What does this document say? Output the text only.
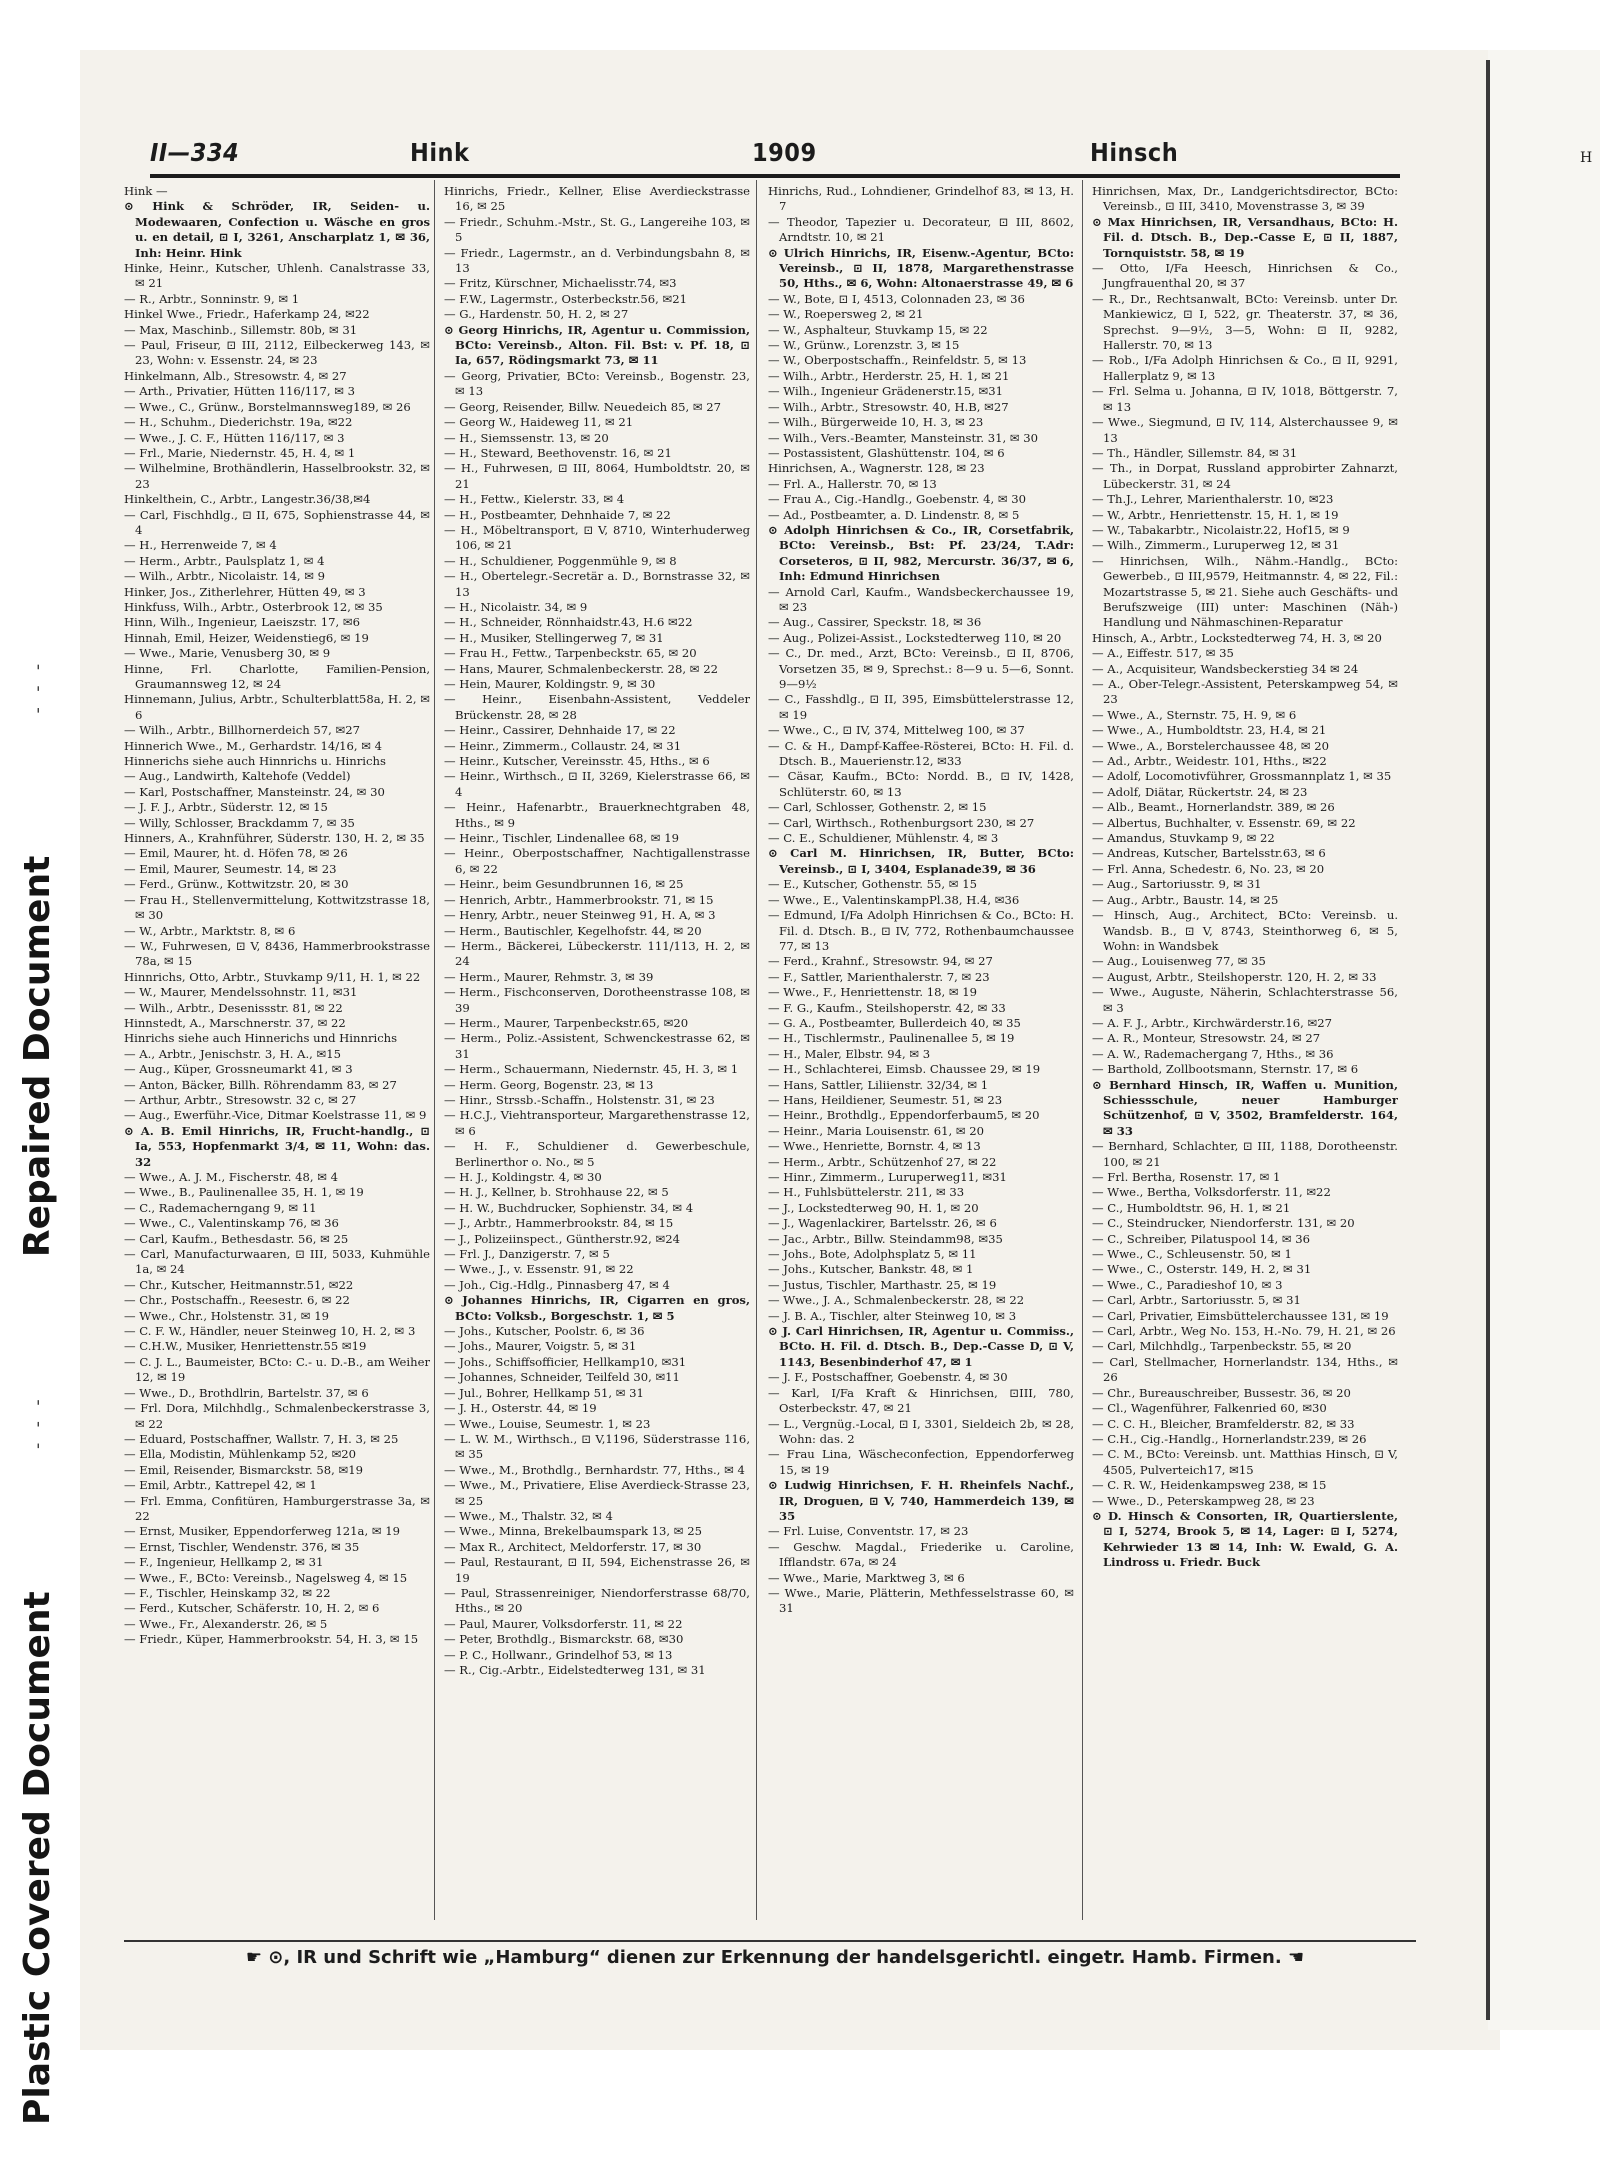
H
Plastic Covered Document
- - -
Repaired Document
- - -
II—334	Hink	1909	Hinsch

Hink —

⊙ Hink & Schröder, IR, Seiden- u. Modewaaren, Confection u. Wäsche en gros u. en detail, ⊡ I, 3261, Anscharplatz 1, ✉ 36, Inh: Heinr. Hink

Hinke, Heinr., Kutscher, Uhlenh. Canalstrasse 33, ✉ 21

— R., Arbtr., Sonninstr. 9, ✉ 1

Hinkel Wwe., Friedr., Haferkamp 24, ✉22

— Max, Maschinb., Sillemstr. 80b, ✉ 31

— Paul, Friseur, ⊡ III, 2112, Eilbeckerweg 143, ✉ 23, Wohn: v. Essenstr. 24, ✉ 23

Hinkelmann, Alb., Stresowstr. 4, ✉ 27

— Arth., Privatier, Hütten 116/117, ✉ 3

— Wwe., C., Grünw., Borstelmannsweg189, ✉ 26

— H., Schuhm., Diederichstr. 19a, ✉22

— Wwe., J. C. F., Hütten 116/117, ✉ 3

— Frl., Marie, Niedernstr. 45, H. 4, ✉ 1

— Wilhelmine, Brothändlerin, Hasselbrookstr. 32, ✉ 23

Hinkelthein, C., Arbtr., Langestr.36/38,✉4

— Carl, Fischhdlg., ⊡ II, 675, Sophienstrasse 44, ✉ 4

— H., Herrenweide 7, ✉ 4

— Herm., Arbtr., Paulsplatz 1, ✉ 4

— Wilh., Arbtr., Nicolaistr. 14, ✉ 9

Hinker, Jos., Zitherlehrer, Hütten 49, ✉ 3

Hinkfuss, Wilh., Arbtr., Osterbrook 12, ✉ 35

Hinn, Wilh., Ingenieur, Laeiszstr. 17, ✉6

Hinnah, Emil, Heizer, Weidenstieg6, ✉ 19

— Wwe., Marie, Venusberg 30, ✉ 9

Hinne, Frl. Charlotte, Familien-Pension, Graumannsweg 12, ✉ 24

Hinnemann, Julius, Arbtr., Schulterblatt58a, H. 2, ✉ 6

— Wilh., Arbtr., Billhornerdeich 57, ✉27

Hinnerich Wwe., M., Gerhardstr. 14/16, ✉ 4

Hinnerichs siehe auch Hinnrichs u. Hinrichs

— Aug., Landwirth, Kaltehofe (Veddel)

— Karl, Postschaffner, Mansteinstr. 24, ✉ 30

— J. F. J., Arbtr., Süderstr. 12, ✉ 15

— Willy, Schlosser, Brackdamm 7, ✉ 35

Hinners, A., Krahnführer, Süderstr. 130, H. 2, ✉ 35

— Emil, Maurer, ht. d. Höfen 78, ✉ 26

— Emil, Maurer, Seumestr. 14, ✉ 23

— Ferd., Grünw., Kottwitzstr. 20, ✉ 30

— Frau H., Stellenvermittelung, Kottwitzstrasse 18, ✉ 30

— W., Arbtr., Marktstr. 8, ✉ 6

— W., Fuhrwesen, ⊡ V, 8436, Hammerbrookstrasse 78a, ✉ 15

Hinnrichs, Otto, Arbtr., Stuvkamp 9/11, H. 1, ✉ 22

— W., Maurer, Mendelssohnstr. 11, ✉31

— Wilh., Arbtr., Desenissstr. 81, ✉ 22

Hinnstedt, A., Marschnerstr. 37, ✉ 22

Hinrichs siehe auch Hinnerichs und Hinnrichs

— A., Arbtr., Jenischstr. 3, H. A., ✉15

— Aug., Küper, Grossneumarkt 41, ✉ 3

— Anton, Bäcker, Billh. Röhrendamm 83, ✉ 27

— Arthur, Arbtr., Stresowstr. 32 c, ✉ 27

— Aug., Ewerführ.-Vice, Ditmar Koelstrasse 11, ✉ 9

⊙ A. B. Emil Hinrichs, IR, Frucht-handlg., ⊡ Ia, 553, Hopfenmarkt 3/4, ✉ 11, Wohn: das. 32

— Wwe., A. J. M., Fischerstr. 48, ✉ 4

— Wwe., B., Paulinenallee 35, H. 1, ✉ 19

— C., Rademacherngang 9, ✉ 11

— Wwe., C., Valentinskamp 76, ✉ 36

— Carl, Kaufm., Bethesdastr. 56, ✉ 25

— Carl, Manufacturwaaren, ⊡ III, 5033, Kuhmühle 1a, ✉ 24

— Chr., Kutscher, Heitmannstr.51, ✉22

— Chr., Postschaffn., Reesestr. 6, ✉ 22

— Wwe., Chr., Holstenstr. 31, ✉ 19

— C. F. W., Händler, neuer Steinweg 10, H. 2, ✉ 3

— C.H.W., Musiker, Henriettenstr.55 ✉19

— C. J. L., Baumeister, BCto: C.- u. D.-B., am Weiher 12, ✉ 19

— Wwe., D., Brothdlrin, Bartelstr. 37, ✉ 6

— Frl. Dora, Milchhdlg., Schmalenbeckerstrasse 3, ✉ 22

— Eduard, Postschaffner, Wallstr. 7, H. 3, ✉ 25

— Ella, Modistin, Mühlenkamp 52, ✉20

— Emil, Reisender, Bismarckstr. 58, ✉19

— Emil, Arbtr., Kattrepel 42, ✉ 1

— Frl. Emma, Confitüren, Hamburgerstrasse 3a, ✉ 22

— Ernst, Musiker, Eppendorferweg 121a, ✉ 19

— Ernst, Tischler, Wendenstr. 376, ✉ 35

— F., Ingenieur, Hellkamp 2, ✉ 31

— Wwe., F., BCto: Vereinsb., Nagelsweg 4, ✉ 15

— F., Tischler, Heinskamp 32, ✉ 22

— Ferd., Kutscher, Schäferstr. 10, H. 2, ✉ 6

— Wwe., Fr., Alexanderstr. 26, ✉ 5

— Friedr., Küper, Hammerbrookstr. 54, H. 3, ✉ 15

Hinrichs, Friedr., Kellner, Elise Averdieckstrasse 16, ✉ 25

— Friedr., Schuhm.-Mstr., St. G., Langereihe 103, ✉ 5

— Friedr., Lagermstr., an d. Verbindungsbahn 8, ✉ 13

— Fritz, Kürschner, Michaelisstr.74, ✉3

— F.W., Lagermstr., Osterbeckstr.56, ✉21

— G., Hardenstr. 50, H. 2, ✉ 27

⊙ Georg Hinrichs, IR, Agentur u. Commission, BCto: Vereinsb., Alton. Fil. Bst: v. Pf. 18, ⊡ Ia, 657, Rödingsmarkt 73, ✉ 11

— Georg, Privatier, BCto: Vereinsb., Bogenstr. 23, ✉ 13

— Georg, Reisender, Billw. Neuedeich 85, ✉ 27

— Georg W., Haideweg 11, ✉ 21

— H., Siemssenstr. 13, ✉ 20

— H., Steward, Beethovenstr. 16, ✉ 21

— H., Fuhrwesen, ⊡ III, 8064, Humboldtstr. 20, ✉ 21

— H., Fettw., Kielerstr. 33, ✉ 4

— H., Postbeamter, Dehnhaide 7, ✉ 22

— H., Möbeltransport, ⊡ V, 8710, Winterhuderweg 106, ✉ 21

— H., Schuldiener, Poggenmühle 9, ✉ 8

— H., Obertelegr.-Secretär a. D., Bornstrasse 32, ✉ 13

— H., Nicolaistr. 34, ✉ 9

— H., Schneider, Rönnhaidstr.43, H.6 ✉22

— H., Musiker, Stellingerweg 7, ✉ 31

— Frau H., Fettw., Tarpenbeckstr. 65, ✉ 20

— Hans, Maurer, Schmalenbeckerstr. 28, ✉ 22

— Hein, Maurer, Koldingstr. 9, ✉ 30

— Heinr., Eisenbahn-Assistent, Veddeler Brückenstr. 28, ✉ 28

— Heinr., Cassirer, Dehnhaide 17, ✉ 22

— Heinr., Zimmerm., Collaustr. 24, ✉ 31

— Heinr., Kutscher, Vereinsstr. 45, Hths., ✉ 6

— Heinr., Wirthsch., ⊡ II, 3269, Kielerstrasse 66, ✉ 4

— Heinr., Hafenarbtr., Brauerknechtgraben 48, Hths., ✉ 9

— Heinr., Tischler, Lindenallee 68, ✉ 19

— Heinr., Oberpostschaffner, Nachtigallenstrasse 6, ✉ 22

— Heinr., beim Gesundbrunnen 16, ✉ 25

— Henrich, Arbtr., Hammerbrookstr. 71, ✉ 15

— Henry, Arbtr., neuer Steinweg 91, H. A, ✉ 3

— Herm., Bautischler, Kegelhofstr. 44, ✉ 20

— Herm., Bäckerei, Lübeckerstr. 111/113, H. 2, ✉ 24

— Herm., Maurer, Rehmstr. 3, ✉ 39

— Herm., Fischconserven, Dorotheenstrasse 108, ✉ 39

— Herm., Maurer, Tarpenbeckstr.65, ✉20

— Herm., Poliz.-Assistent, Schwenckestrasse 62, ✉ 31

— Herm., Schauermann, Niedernstr. 45, H. 3, ✉ 1

— Herm. Georg, Bogenstr. 23, ✉ 13

— Hinr., Strssb.-Schaffn., Holstenstr. 31, ✉ 23

— H.C.J., Viehtransporteur, Margarethenstrasse 12, ✉ 6

— H. F., Schuldiener d. Gewerbeschule, Berlinerthor o. No., ✉ 5

— H. J., Koldingstr. 4, ✉ 30

— H. J., Kellner, b. Strohhause 22, ✉ 5

— H. W., Buchdrucker, Sophienstr. 34, ✉ 4

— J., Arbtr., Hammerbrookstr. 84, ✉ 15

— J., Polizeiinspect., Güntherstr.92, ✉24

— Frl. J., Danzigerstr. 7, ✉ 5

— Wwe., J., v. Essenstr. 91, ✉ 22

— Joh., Cig.-Hdlg., Pinnasberg 47, ✉ 4

⊙ Johannes Hinrichs, IR, Cigarren en gros, BCto: Volksb., Borgeschstr. 1, ✉ 5

— Johs., Kutscher, Poolstr. 6, ✉ 36

— Johs., Maurer, Voigstr. 5, ✉ 31

— Johs., Schiffsofficier, Hellkamp10, ✉31

— Johannes, Schneider, Teilfeld 30, ✉11

— Jul., Bohrer, Hellkamp 51, ✉ 31

— J. H., Osterstr. 44, ✉ 19

— Wwe., Louise, Seumestr. 1, ✉ 23

— L. W. M., Wirthsch., ⊡ V,1196, Süderstrasse 116, ✉ 35

— Wwe., M., Brothdlg., Bernhardstr. 77, Hths., ✉ 4

— Wwe., M., Privatiere, Elise Averdieck-Strasse 23, ✉ 25

— Wwe., M., Thalstr. 32, ✉ 4

— Wwe., Minna, Brekelbaumspark 13, ✉ 25

— Max R., Architect, Meldorferstr. 17, ✉ 30

— Paul, Restaurant, ⊡ II, 594, Eichenstrasse 26, ✉ 19

— Paul, Strassenreiniger, Niendorferstrasse 68/70, Hths., ✉ 20

— Paul, Maurer, Volksdorferstr. 11, ✉ 22

— Peter, Brothdlg., Bismarckstr. 68, ✉30

— P. C., Hollwanr., Grindelhof 53, ✉ 13

— R., Cig.-Arbtr., Eidelstedterweg 131, ✉ 31

Hinrichs, Rud., Lohndiener, Grindelhof 83, ✉ 13, H. 7

— Theodor, Tapezier u. Decorateur, ⊡ III, 8602, Arndtstr. 10, ✉ 21

⊙ Ulrich Hinrichs, IR, Eisenw.-Agentur, BCto: Vereinsb., ⊡ II, 1878, Margarethenstrasse 50, Hths., ✉ 6, Wohn: Altonaerstrasse 49, ✉ 6

— W., Bote, ⊡ I, 4513, Colonnaden 23, ✉ 36

— W., Roepersweg 2, ✉ 21

— W., Asphalteur, Stuvkamp 15, ✉ 22

— W., Grünw., Lorenzstr. 3, ✉ 15

— W., Oberpostschaffn., Reinfeldstr. 5, ✉ 13

— Wilh., Arbtr., Herderstr. 25, H. 1, ✉ 21

— Wilh., Ingenieur Grädenerstr.15, ✉31

— Wilh., Arbtr., Stresowstr. 40, H.B, ✉27

— Wilh., Bürgerweide 10, H. 3, ✉ 23

— Wilh., Vers.-Beamter, Mansteinstr. 31, ✉ 30

— Postassistent, Glashüttenstr. 104, ✉ 6

Hinrichsen, A., Wagnerstr. 128, ✉ 23

— Frl. A., Hallerstr. 70, ✉ 13

— Frau A., Cig.-Handlg., Goebenstr. 4, ✉ 30

— Ad., Postbeamter, a. D. Lindenstr. 8, ✉ 5

⊙ Adolph Hinrichsen & Co., IR, Corsetfabrik, BCto: Vereinsb., Bst: Pf. 23/24, T.Adr: Corseteros, ⊡ II, 982, Mercurstr. 36/37, ✉ 6, Inh: Edmund Hinrichsen

— Arnold Carl, Kaufm., Wandsbeckerchaussee 19, ✉ 23

— Aug., Cassirer, Speckstr. 18, ✉ 36

— Aug., Polizei-Assist., Lockstedterweg 110, ✉ 20

— C., Dr. med., Arzt, BCto: Vereinsb., ⊡ II, 8706, Vorsetzen 35, ✉ 9, Sprechst.: 8—9 u. 5—6, Sonnt. 9—9½

— C., Fasshdlg., ⊡ II, 395, Eimsbüttelerstrasse 12, ✉ 19

— Wwe., C., ⊡ IV, 374, Mittelweg 100, ✉ 37

— C. & H., Dampf-Kaffee-Rösterei, BCto: H. Fil. d. Dtsch. B., Mauerienstr.12, ✉33

— Cäsar, Kaufm., BCto: Nordd. B., ⊡ IV, 1428, Schlüterstr. 60, ✉ 13

— Carl, Schlosser, Gothenstr. 2, ✉ 15

— Carl, Wirthsch., Rothenburgsort 230, ✉ 27

— C. E., Schuldiener, Mühlenstr. 4, ✉ 3

⊙ Carl M. Hinrichsen, IR, Butter, BCto: Vereinsb., ⊡ I, 3404, Esplanade39, ✉ 36

— E., Kutscher, Gothenstr. 55, ✉ 15

— Wwe., E., ValentinskampPl.38, H.4, ✉36

— Edmund, I/Fa Adolph Hinrichsen & Co., BCto: H. Fil. d. Dtsch. B., ⊡ IV, 772, Rothenbaumchaussee 77, ✉ 13

— Ferd., Krahnf., Stresowstr. 94, ✉ 27

— F., Sattler, Marienthalerstr. 7, ✉ 23

— Wwe., F., Henriettenstr. 18, ✉ 19

— F. G., Kaufm., Steilshoperstr. 42, ✉ 33

— G. A., Postbeamter, Bullerdeich 40, ✉ 35

— H., Tischlermstr., Paulinenallee 5, ✉ 19

— H., Maler, Elbstr. 94, ✉ 3

— H., Schlachterei, Eimsb. Chaussee 29, ✉ 19

— Hans, Sattler, Liliienstr. 32/34, ✉ 1

— Hans, Heildiener, Seumestr. 51, ✉ 23

— Heinr., Brothdlg., Eppendorferbaum5, ✉ 20

— Heinr., Maria Louisenstr. 61, ✉ 20

— Wwe., Henriette, Bornstr. 4, ✉ 13

— Herm., Arbtr., Schützenhof 27, ✉ 22

— Hinr., Zimmerm., Luruperweg11, ✉31

— H., Fuhlsbüttelerstr. 211, ✉ 33

— J., Lockstedterweg 90, H. 1, ✉ 20

— J., Wagenlackirer, Bartelsstr. 26, ✉ 6

— Jac., Arbtr., Billw. Steindamm98, ✉35

— Johs., Bote, Adolphsplatz 5, ✉ 11

— Johs., Kutscher, Bankstr. 48, ✉ 1

— Justus, Tischler, Marthastr. 25, ✉ 19

— Wwe., J. A., Schmalenbeckerstr. 28, ✉ 22

— J. B. A., Tischler, alter Steinweg 10, ✉ 3

⊙ J. Carl Hinrichsen, IR, Agentur u. Commiss., BCto. H. Fil. d. Dtsch. B., Dep.-Casse D, ⊡ V, 1143, Besenbinderhof 47, ✉ 1

— J. F., Postschaffner, Goebenstr. 4, ✉ 30

— Karl, I/Fa Kraft & Hinrichsen, ⊡III, 780, Osterbeckstr. 47, ✉ 21

— L., Vergnüg.-Local, ⊡ I, 3301, Sieldeich 2b, ✉ 28, Wohn: das. 2

— Frau Lina, Wäscheconfection, Eppendorferweg 15, ✉ 19

⊙ Ludwig Hinrichsen, F. H. Rheinfels Nachf., IR, Droguen, ⊡ V, 740, Hammerdeich 139, ✉ 35

— Frl. Luise, Conventstr. 17, ✉ 23

— Geschw. Magdal., Friederike u. Caroline, Ifflandstr. 67a, ✉ 24

— Wwe., Marie, Marktweg 3, ✉ 6

— Wwe., Marie, Plätterin, Methfesselstrasse 60, ✉ 31

Hinrichsen, Max, Dr., Landgerichtsdirector, BCto: Vereinsb., ⊡ III, 3410, Movenstrasse 3, ✉ 39

⊙ Max Hinrichsen, IR, Versandhaus, BCto: H. Fil. d. Dtsch. B., Dep.-Casse E, ⊡ II, 1887, Tornquiststr. 58, ✉ 19

— Otto, I/Fa Heesch, Hinrichsen & Co., Jungfrauenthal 20, ✉ 37

— R., Dr., Rechtsanwalt, BCto: Vereinsb. unter Dr. Mankiewicz, ⊡ I, 522, gr. Theaterstr. 37, ✉ 36, Sprechst. 9—9½, 3—5, Wohn: ⊡ II, 9282, Hallerstr. 70, ✉ 13

— Rob., I/Fa Adolph Hinrichsen & Co., ⊡ II, 9291, Hallerplatz 9, ✉ 13

— Frl. Selma u. Johanna, ⊡ IV, 1018, Böttgerstr. 7, ✉ 13

— Wwe., Siegmund, ⊡ IV, 114, Alsterchaussee 9, ✉ 13

— Th., Händler, Sillemstr. 84, ✉ 31

— Th., in Dorpat, Russland approbirter Zahnarzt, Lübeckerstr. 31, ✉ 24

— Th.J., Lehrer, Marienthalerstr. 10, ✉23

— W., Arbtr., Henriettenstr. 15, H. 1, ✉ 19

— W., Tabakarbtr., Nicolaistr.22, Hof15, ✉ 9

— Wilh., Zimmerm., Luruperweg 12, ✉ 31

— Hinrichsen, Wilh., Nähm.-Handlg., BCto: Gewerbeb., ⊡ III,9579, Heitmannstr. 4, ✉ 22, Fil.: Mozartstrasse 5, ✉ 21. Siehe auch Geschäfts- und Berufszweige (III) unter: Maschinen (Näh-) Handlung und Nähmaschinen-Reparatur

Hinsch, A., Arbtr., Lockstedterweg 74, H. 3, ✉ 20

— A., Eiffestr. 517, ✉ 35

— A., Acquisiteur, Wandsbeckerstieg 34 ✉ 24

— A., Ober-Telegr.-Assistent, Peterskampweg 54, ✉ 23

— Wwe., A., Sternstr. 75, H. 9, ✉ 6

— Wwe., A., Humboldtstr. 23, H.4, ✉ 21

— Wwe., A., Borstelerchaussee 48, ✉ 20

— Ad., Arbtr., Weidestr. 101, Hths., ✉22

— Adolf, Locomotivführer, Grossmannplatz 1, ✉ 35

— Adolf, Diätar, Rückertstr. 24, ✉ 23

— Alb., Beamt., Hornerlandstr. 389, ✉ 26

— Albertus, Buchhalter, v. Essenstr. 69, ✉ 22

— Amandus, Stuvkamp 9, ✉ 22

— Andreas, Kutscher, Bartelsstr.63, ✉ 6

— Frl. Anna, Schedestr. 6, No. 23, ✉ 20

— Aug., Sartoriusstr. 9, ✉ 31

— Aug., Arbtr., Baustr. 14, ✉ 25

— Hinsch, Aug., Architect, BCto: Vereinsb. u. Wandsb. B., ⊡ V, 8743, Steinthorweg 6, ✉ 5, Wohn: in Wandsbek

— Aug., Louisenweg 77, ✉ 35

— August, Arbtr., Steilshoperstr. 120, H. 2, ✉ 33

— Wwe., Auguste, Näherin, Schlachterstrasse 56, ✉ 3

— A. F. J., Arbtr., Kirchwärderstr.16, ✉27

— A. R., Monteur, Stresowstr. 24, ✉ 27

— A. W., Rademachergang 7, Hths., ✉ 36

— Barthold, Zollbootsmann, Sternstr. 17, ✉ 6

⊙ Bernhard Hinsch, IR, Waffen u. Munition, Schiessschule, neuer Hamburger Schützenhof, ⊡ V, 3502, Bramfelderstr. 164, ✉ 33

— Bernhard, Schlachter, ⊡ III, 1188, Dorotheenstr. 100, ✉ 21

— Frl. Bertha, Rosenstr. 17, ✉ 1

— Wwe., Bertha, Volksdorferstr. 11, ✉22

— C., Humboldtstr. 96, H. 1, ✉ 21

— C., Steindrucker, Niendorferstr. 131, ✉ 20

— C., Schreiber, Pilatuspool 14, ✉ 36

— Wwe., C., Schleusenstr. 50, ✉ 1

— Wwe., C., Osterstr. 149, H. 2, ✉ 31

— Wwe., C., Paradieshof 10, ✉ 3

— Carl, Arbtr., Sartoriusstr. 5, ✉ 31

— Carl, Privatier, Eimsbüttelerchaussee 131, ✉ 19

— Carl, Arbtr., Weg No. 153, H.-No. 79, H. 21, ✉ 26

— Carl, Milchhdlg., Tarpenbeckstr. 55, ✉ 20

— Carl, Stellmacher, Hornerlandstr. 134, Hths., ✉ 26

— Chr., Bureauschreiber, Bussestr. 36, ✉ 20

— Cl., Wagenführer, Falkenried 60, ✉30

— C. C. H., Bleicher, Bramfelderstr. 82, ✉ 33

— C.H., Cig.-Handlg., Hornerlandstr.239, ✉ 26

— C. M., BCto: Vereinsb. unt. Matthias Hinsch, ⊡ V, 4505, Pulverteich17, ✉15

— C. R. W., Heidenkampsweg 238, ✉ 15

— Wwe., D., Peterskampweg 28, ✉ 23

⊙ D. Hinsch & Consorten, IR, Quartierslente, ⊡ I, 5274, Brook 5, ✉ 14, Lager: ⊡ I, 5274, Kehrwieder 13 ✉ 14, Inh: W. Ewald, G. A. Lindross u. Friedr. Buck

☛ ⊙, IR und Schrift wie „Hamburg“ dienen zur Erkennung der handelsgerichtl. eingetr. Hamb. Firmen. ☚
